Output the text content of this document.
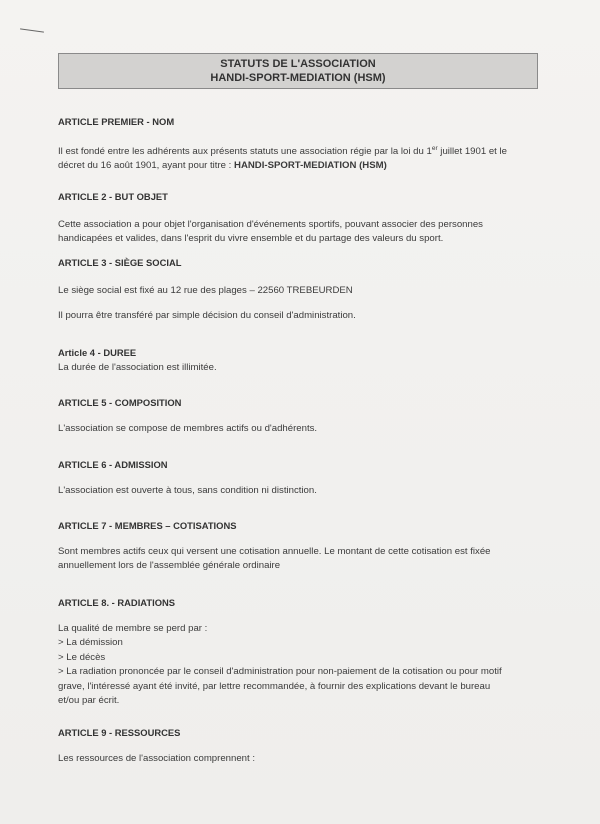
STATUTS DE L'ASSOCIATION
HANDI-SPORT-MEDIATION (HSM)
ARTICLE PREMIER - NOM
Il est fondé entre les adhérents aux présents statuts une association régie par la loi du 1er juillet 1901 et le
décret du 16 août 1901, ayant pour titre : HANDI-SPORT-MEDIATION (HSM)
ARTICLE 2 - BUT OBJET
Cette association a pour objet l'organisation d'événements sportifs, pouvant associer des personnes
handicapées et valides, dans l'esprit du vivre ensemble et du partage des valeurs du sport.
ARTICLE 3 - SIÈGE SOCIAL
Le siège social est fixé au 12 rue des plages – 22560 TREBEURDEN
Il pourra être transféré par simple décision du conseil d'administration.
Article 4 - DUREE
La durée de l'association est illimitée.
ARTICLE 5 - COMPOSITION
L'association se compose de membres actifs ou d'adhérents.
ARTICLE 6 - ADMISSION
L'association est ouverte à tous, sans condition ni distinction.
ARTICLE 7 - MEMBRES – COTISATIONS
Sont membres actifs ceux qui versent une cotisation annuelle. Le montant de cette cotisation est fixée
annuellement lors de l'assemblée générale ordinaire
ARTICLE 8. - RADIATIONS
La qualité de membre se perd par :
> La démission
> Le décès
> La radiation prononcée par le conseil d'administration pour non-paiement de la cotisation ou pour motif
grave, l'intéressé ayant été invité, par lettre recommandée, à fournir des explications devant le bureau
et/ou par écrit.
ARTICLE 9 - RESSOURCES
Les ressources de l'association comprennent :
